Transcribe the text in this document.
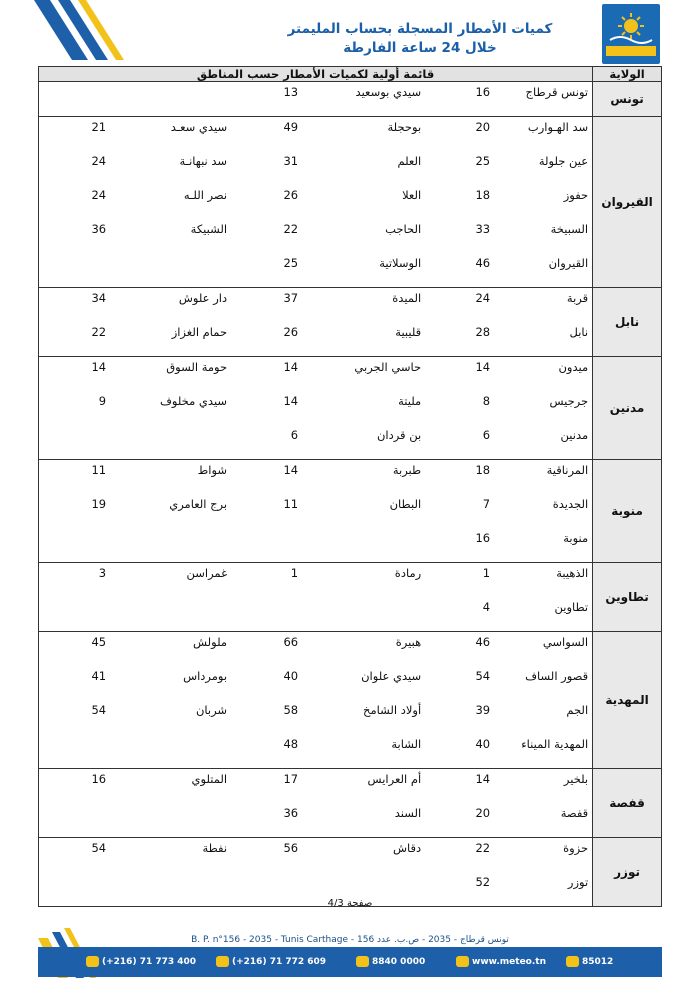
كميات الأمطار المسجلة بحساب المليمتر
خلال 24 ساعة الفارطة
الولاية	قائمة أولية لكميات الأمطار حسب المناطق					
تونس	تونس قرطاج	16	سيدي بوسعيد	13		
القيروان	سد الهـوارب	20	بوحجلة	49	سيدي سعـد	21
	عين جلولة	25	العلم	31	سد نبهانـة	24
	حفوز	18	العلا	26	نصر اللـه	24
	السبيخة	33	الحاجب	22	الشبيكة	36
	القيروان	46	الوسلاتية	25		
نابل	قربة	24	الميدة	37	دار علوش	34
	نابل	28	قليبية	26	حمام الغزاز	22
مدنين	ميدون	14	حاسي الجربي	14	حومة السوق	14
	جرجيس	8	مليتة	14	سيدي مخلوف	9
	مدنين	6	بن قردان	6		
منوبة	المرناقية	18	طبربة	14	شواط	11
	الجديدة	7	البطان	11	برج العامري	19
	منوبة	16				
تطاوين	الذهيبة	1	رمادة	1	غمراسن	3
	تطاوين	4				
المهدية	السواسي	46	هبيرة	66	ملولش	45
	قصور الساف	54	سيدي علوان	40	بومرداس	41
	الجم	39	أولاد الشامخ	58	شربان	54
	المهدية الميناء	40	الشابة	48		
قفصة	بلخير	14	أم العرايس	17	المتلوي	16
	قفصة	20	السند	36		
توزر	حزوة	22	دقاش	56	نفطة	54
	توزر	52				
صفحة 4/3
B. P. n°156 - 2035 - Tunis Carthage - تونس قرطاج - 2035 - ص.ب. عدد 156
(+216) 71 773 400	(+216) 71 772 609	8840 0000	www.meteo.tn	85012
